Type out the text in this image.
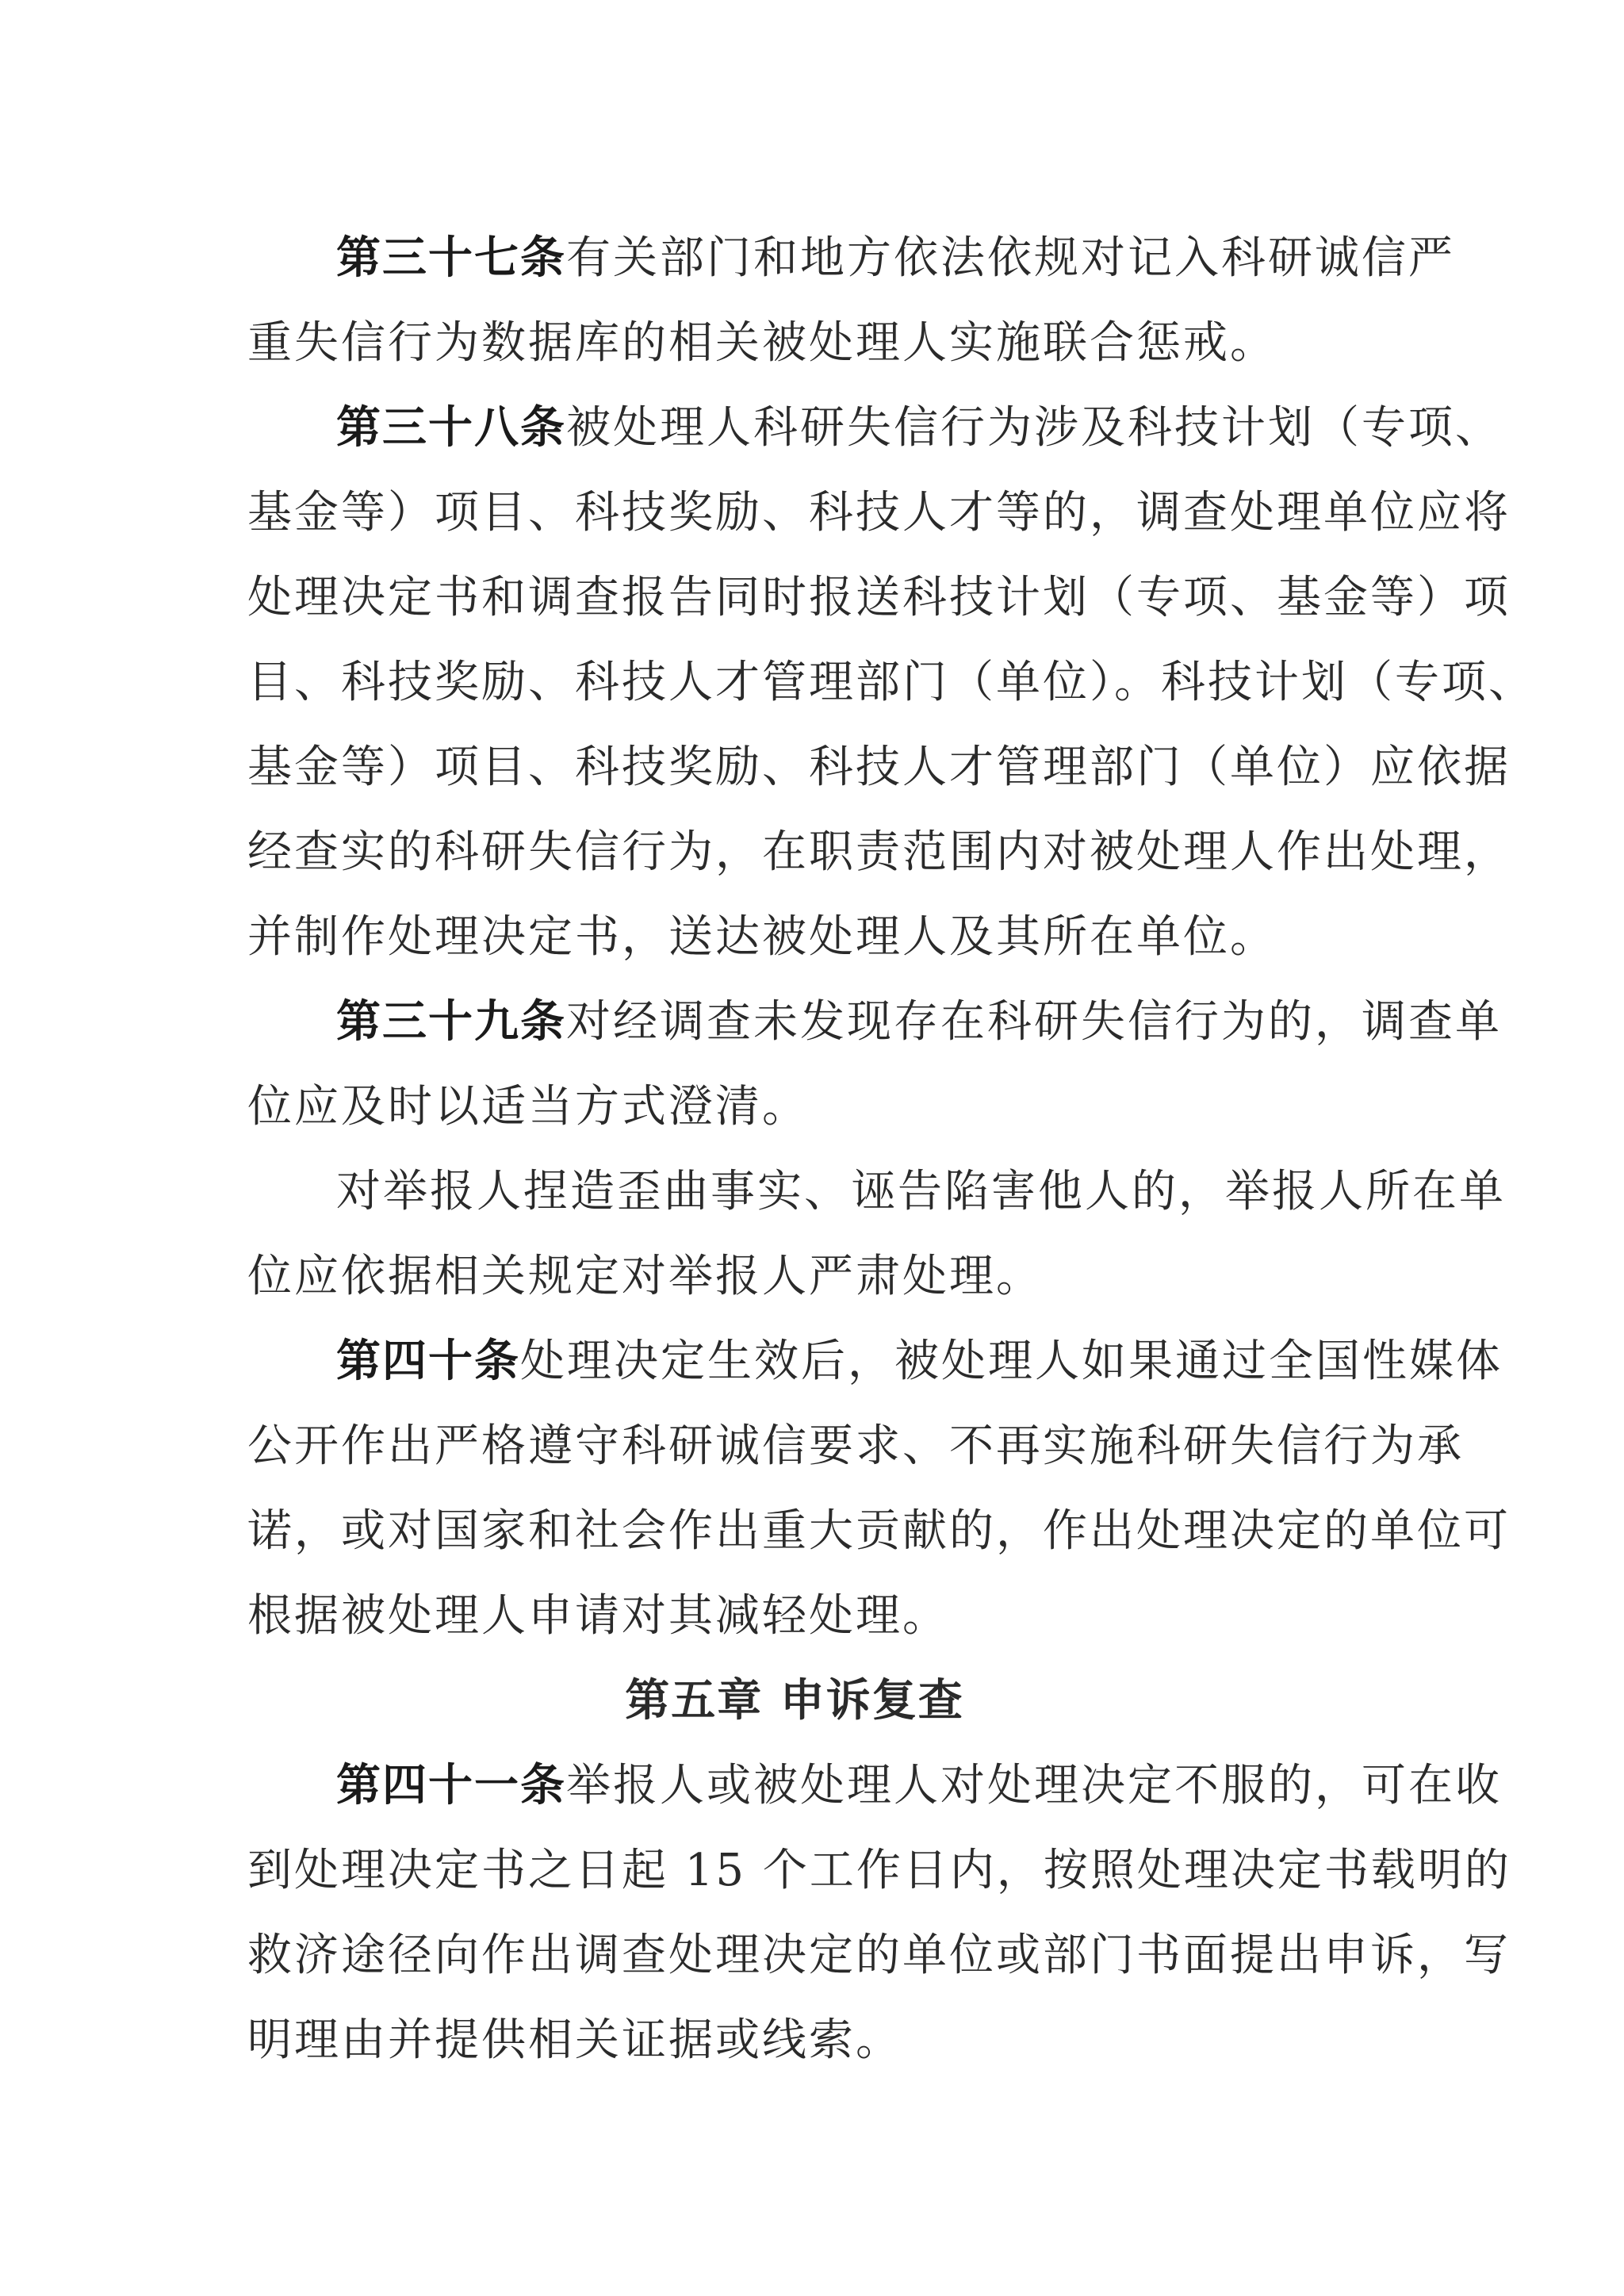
第三十七条有关部门和地方依法依规对记入科研诚信严
重失信行为数据库的相关被处理人实施联合惩戒。
第三十八条被处理人科研失信行为涉及科技计划（专项、
基金等）项目、科技奖励、科技人才等的，调查处理单位应将
处理决定书和调查报告同时报送科技计划（专项、基金等）项
目、科技奖励、科技人才管理部门（单位）。科技计划（专项、
基金等）项目、科技奖励、科技人才管理部门（单位）应依据
经查实的科研失信行为，在职责范围内对被处理人作出处理，
并制作处理决定书，送达被处理人及其所在单位。
第三十九条对经调查未发现存在科研失信行为的，调查单
位应及时以适当方式澄清。
对举报人捏造歪曲事实、诬告陷害他人的，举报人所在单
位应依据相关规定对举报人严肃处理。
第四十条处理决定生效后，被处理人如果通过全国性媒体
公开作出严格遵守科研诚信要求、不再实施科研失信行为承
诺，或对国家和社会作出重大贡献的，作出处理决定的单位可
根据被处理人申请对其减轻处理。
第五章 申诉复查
第四十一条举报人或被处理人对处理决定不服的，可在收
到处理决定书之日起 15 个工作日内，按照处理决定书载明的
救济途径向作出调查处理决定的单位或部门书面提出申诉，写
明理由并提供相关证据或线索。
